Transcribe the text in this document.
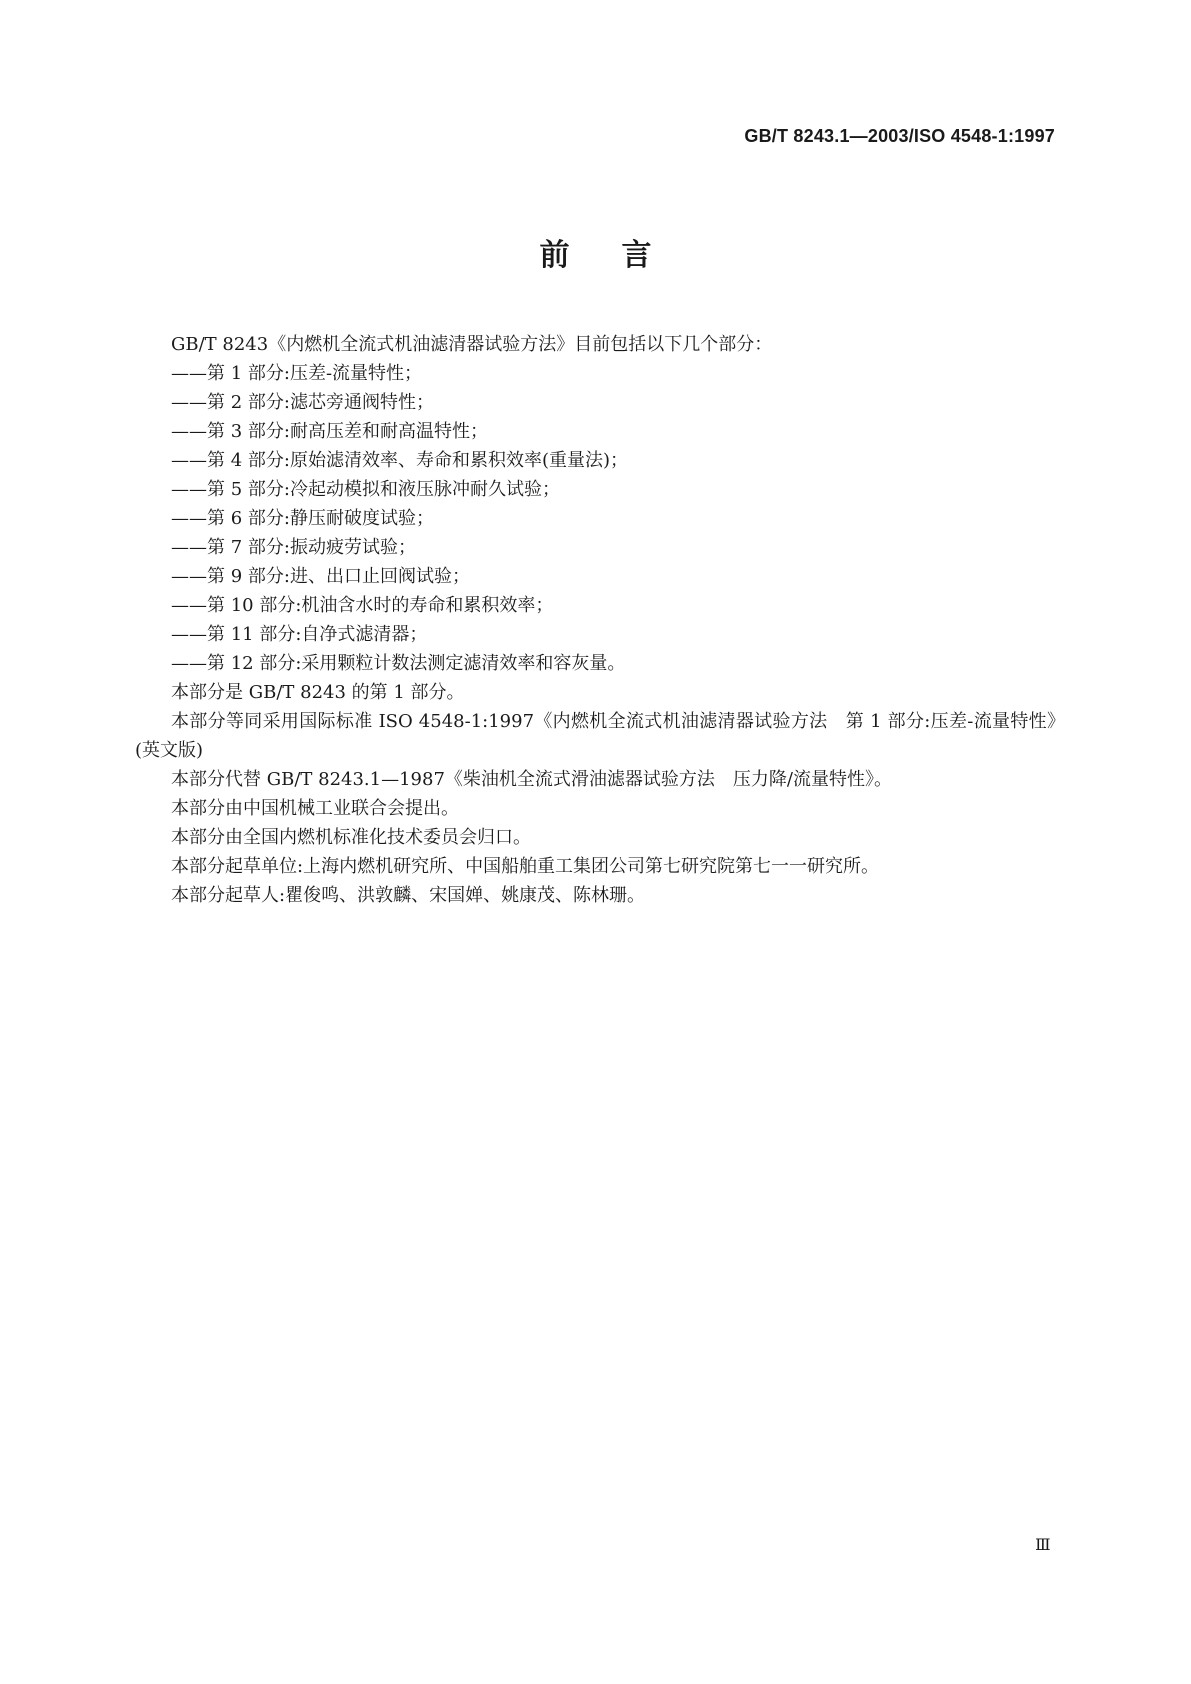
GB/T 8243.1—2003/ISO 4548-1:1997
前言

GB/T 8243《内燃机全流式机油滤清器试验方法》目前包括以下几个部分：

——第 1 部分:压差-流量特性；

——第 2 部分:滤芯旁通阀特性；

——第 3 部分:耐高压差和耐高温特性；

——第 4 部分:原始滤清效率、寿命和累积效率(重量法)；

——第 5 部分:冷起动模拟和液压脉冲耐久试验；

——第 6 部分:静压耐破度试验；

——第 7 部分:振动疲劳试验；

——第 9 部分:进、出口止回阀试验；

——第 10 部分:机油含水时的寿命和累积效率；

——第 11 部分:自净式滤清器；

——第 12 部分:采用颗粒计数法测定滤清效率和容灰量。

本部分是 GB/T 8243 的第 1 部分。

本部分等同采用国际标准 ISO 4548-1:1997《内燃机全流式机油滤清器试验方法　第 1 部分:压差-流量特性》(英文版)

本部分代替 GB/T 8243.1—1987《柴油机全流式滑油滤器试验方法　压力降/流量特性》。

本部分由中国机械工业联合会提出。

本部分由全国内燃机标准化技术委员会归口。

本部分起草单位:上海内燃机研究所、中国船舶重工集团公司第七研究院第七一一研究所。

本部分起草人:瞿俊鸣、洪敦麟、宋国婵、姚康茂、陈林珊。

Ⅲ
